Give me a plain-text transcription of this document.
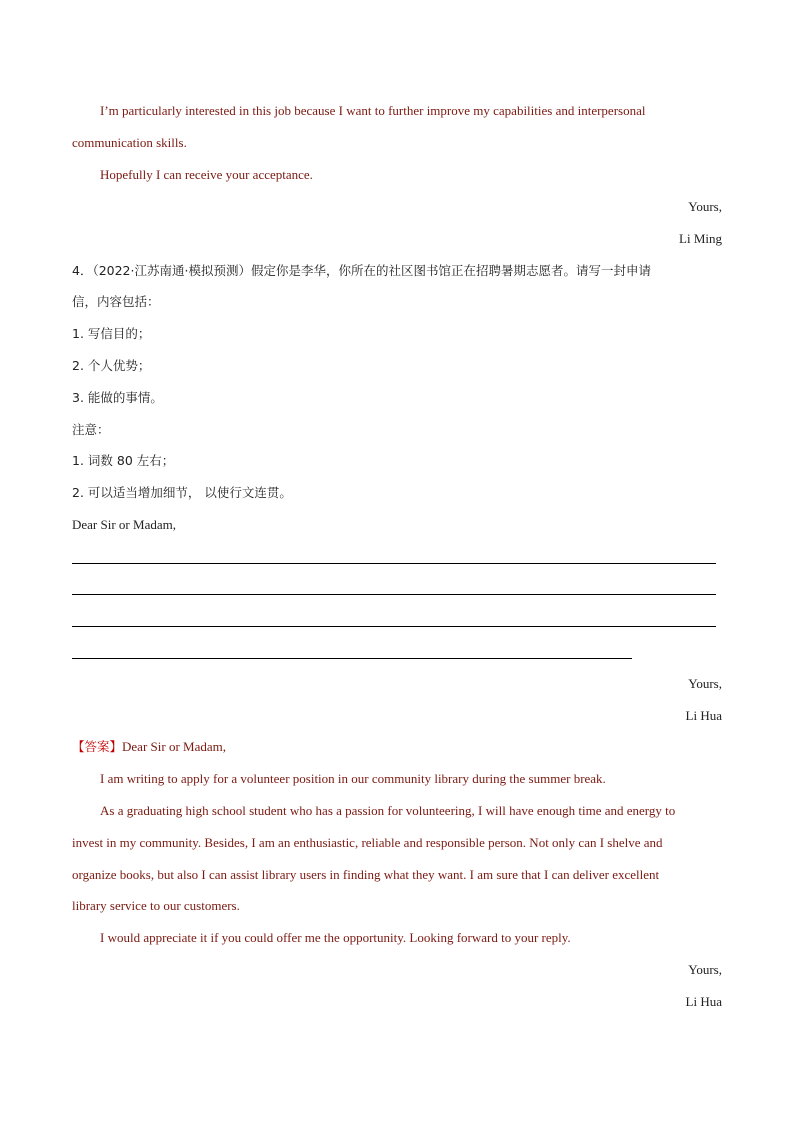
I’m particularly interested in this job because I want to further improve my capabilities and interpersonal
communication skills.
Hopefully I can receive your acceptance.
Yours,
Li Ming
4．（2022·江苏南通·模拟预测）假定你是李华，你所在的社区图书馆正在招聘暑期志愿者。请写一封申请
信，内容包括：
1. 写信目的；
2. 个人优势；
3. 能做的事情。
注意：
1. 词数 80 左右；
2. 可以适当增加细节， 以使行文连贯。
Dear Sir or Madam,
Yours,
Li Hua
【答案】Dear Sir or Madam,
I am writing to apply for a volunteer position in our community library during the summer break.
As a graduating high school student who has a passion for volunteering, I will have enough time and energy to
invest in my community. Besides, I am an enthusiastic, reliable and responsible person. Not only can I shelve and
organize books, but also I can assist library users in finding what they want. I am sure that I can deliver excellent
library service to our customers.
I would appreciate it if you could offer me the opportunity. Looking forward to your reply.
Yours,
Li Hua
